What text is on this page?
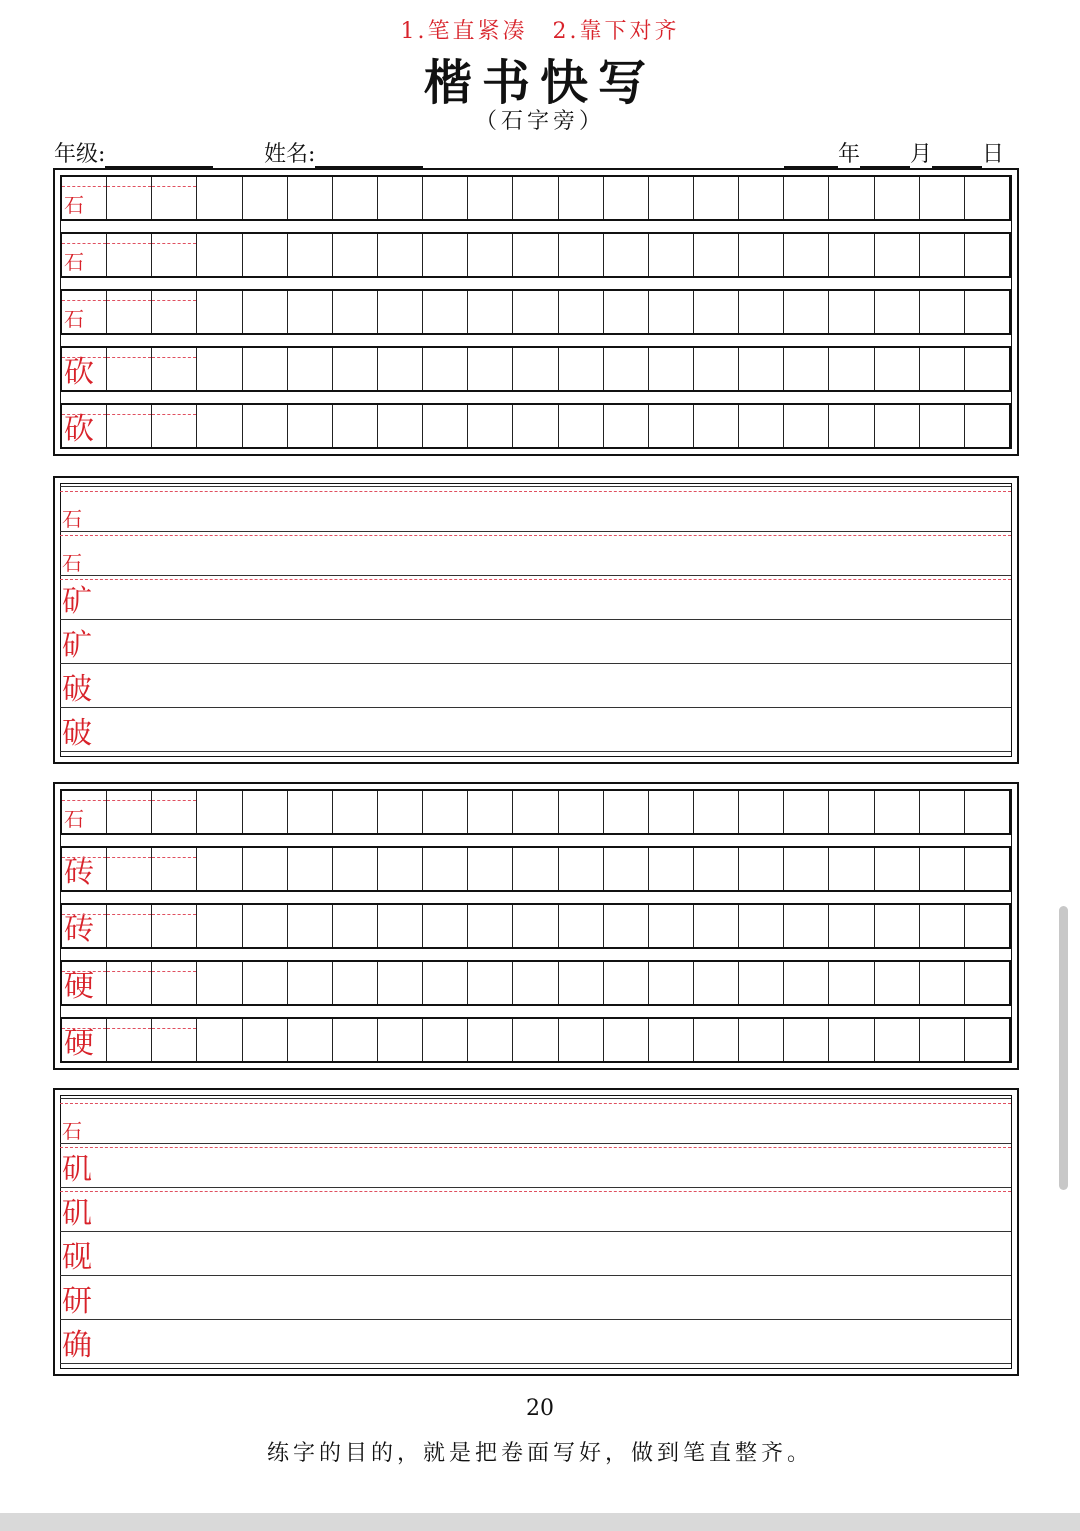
1.笔直紧凑　2.靠下对齐
楷书快写
（石字旁）
年级:	姓名:	年 月 日
石
石
石
砍
砍
石
石
矿
矿
破
破
石
砖
砖
硬
硬
石
矶
矶
砚
研
确
20
练字的目的，就是把卷面写好，做到笔直整齐。
